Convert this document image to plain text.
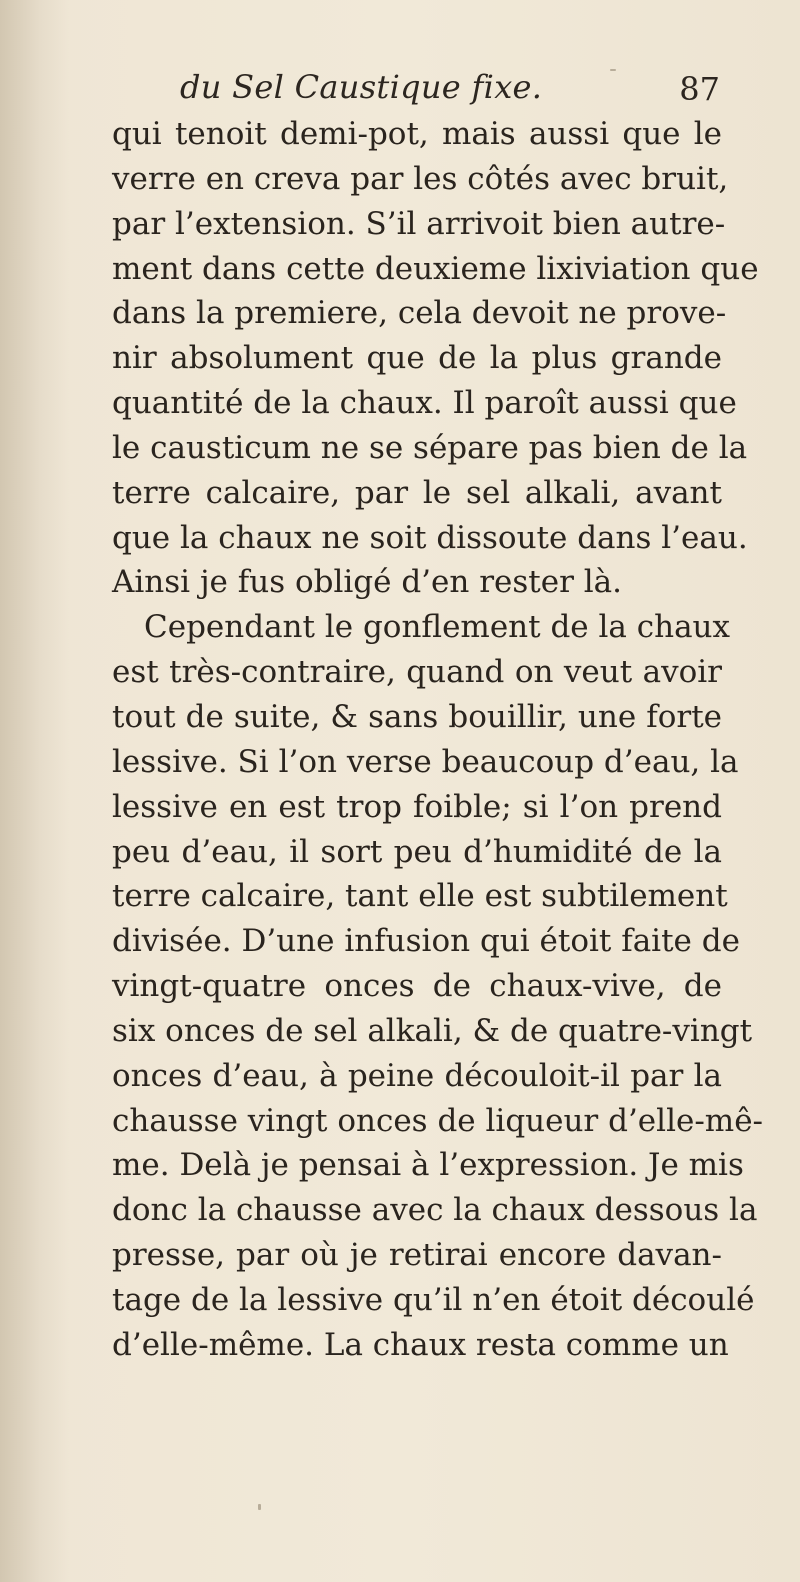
du Sel Caustique fixe.	87
qui tenoit demi-pot, mais aussi que le
verre en creva par les côtés avec bruit,
par l’extension. S’il arrivoit bien autre-
ment dans cette deuxieme lixiviation que
dans la premiere, cela devoit ne prove-
nir absolument que de la plus grande
quantité de la chaux. Il paroît aussi que
le causticum ne se sépare pas bien de la
terre calcaire, par le sel alkali, avant
que la chaux ne soit dissoute dans l’eau.
Ainsi je fus obligé d’en rester là.
Cependant le gonflement de la chaux
est très-contraire, quand on veut avoir
tout de suite, & sans bouillir, une forte
lessive. Si l’on verse beaucoup d’eau, la
lessive en est trop foible; si l’on prend
peu d’eau, il sort peu d’humidité de la
terre calcaire, tant elle est subtilement
divisée. D’une infusion qui étoit faite de
vingt-quatre onces de chaux-vive, de
six onces de sel alkali, & de quatre-vingt
onces d’eau, à peine découloit-il par la
chausse vingt onces de liqueur d’elle-mê-
me. Delà je pensai à l’expression. Je mis
donc la chausse avec la chaux dessous la
presse, par où je retirai encore davan-
tage de la lessive qu’il n’en étoit découlé
d’elle-même. La chaux resta comme un
